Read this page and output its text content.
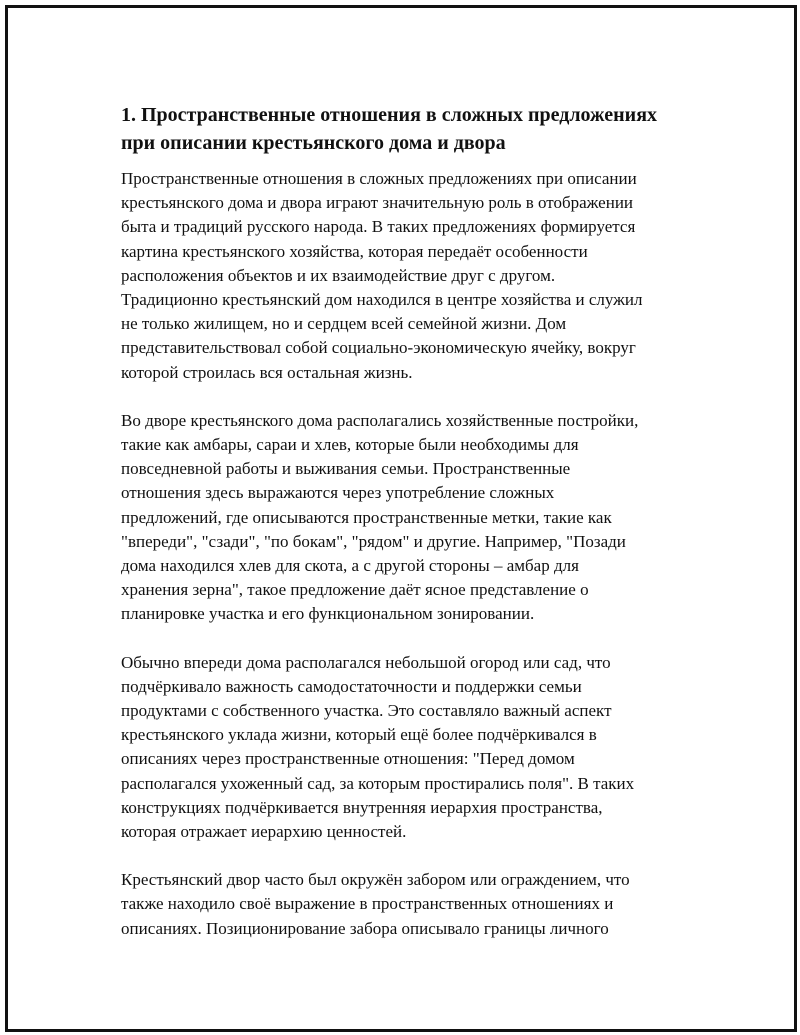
1. Пространственные отношения в сложных предложениях
при описании крестьянского дома и двора

Пространственные отношения в сложных предложениях при описании
крестьянского дома и двора играют значительную роль в отображении
быта и традиций русского народа. В таких предложениях формируется
картина крестьянского хозяйства, которая передаёт особенности
расположения объектов и их взаимодействие друг с другом.
Традиционно крестьянский дом находился в центре хозяйства и служил
не только жилищем, но и сердцем всей семейной жизни. Дом
представительствовал собой социально-экономическую ячейку, вокруг
которой строилась вся остальная жизнь.

Во дворе крестьянского дома располагались хозяйственные постройки,
такие как амбары, сараи и хлев, которые были необходимы для
повседневной работы и выживания семьи. Пространственные
отношения здесь выражаются через употребление сложных
предложений, где описываются пространственные метки, такие как
"впереди", "сзади", "по бокам", "рядом" и другие. Например, "Позади
дома находился хлев для скота, а с другой стороны – амбар для
хранения зерна", такое предложение даёт ясное представление о
планировке участка и его функциональном зонировании.

Обычно впереди дома располагался небольшой огород или сад, что
подчёркивало важность самодостаточности и поддержки семьи
продуктами с собственного участка. Это составляло важный аспект
крестьянского уклада жизни, который ещё более подчёркивался в
описаниях через пространственные отношения: "Перед домом
располагался ухоженный сад, за которым простирались поля". В таких
конструкциях подчёркивается внутренняя иерархия пространства,
которая отражает иерархию ценностей.

Крестьянский двор часто был окружён забором или ограждением, что
также находило своё выражение в пространственных отношениях и
описаниях. Позиционирование забора описывало границы личного
